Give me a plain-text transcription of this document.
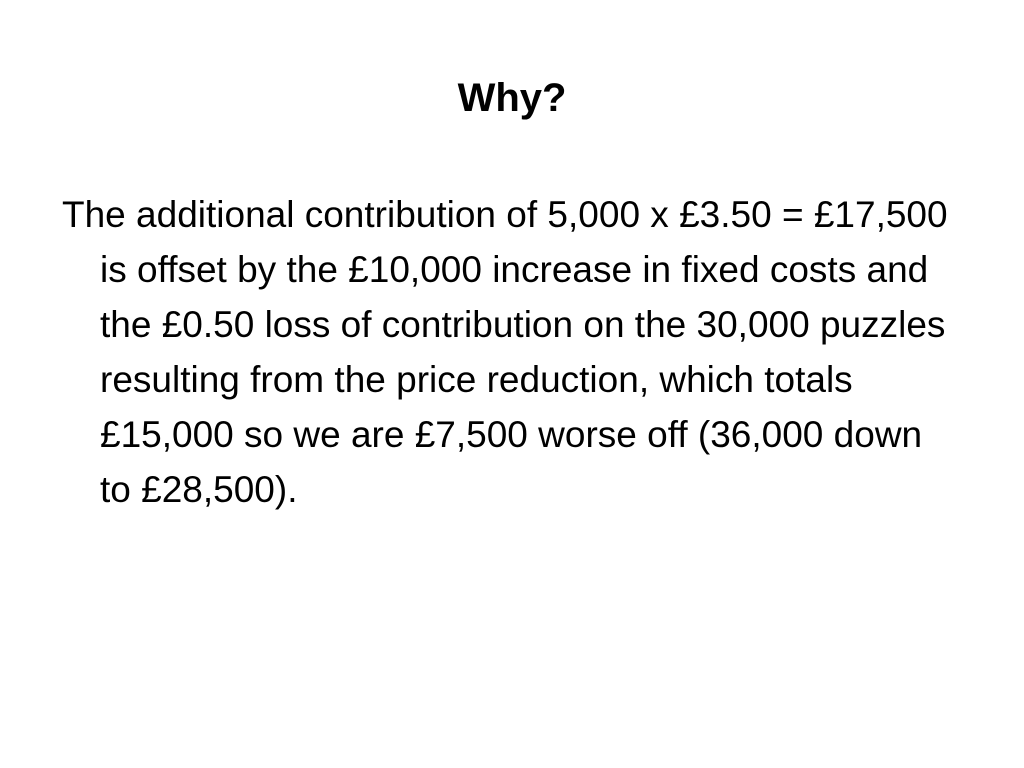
Why?

The additional contribution of 5,000 x £3.50 = £17,500 is offset by the £10,000 increase in fixed costs and the £0.50 loss of contribution on the 30,000 puzzles resulting from the price reduction, which totals £15,000 so we are £7,500 worse off (36,000 down to £28,500).
